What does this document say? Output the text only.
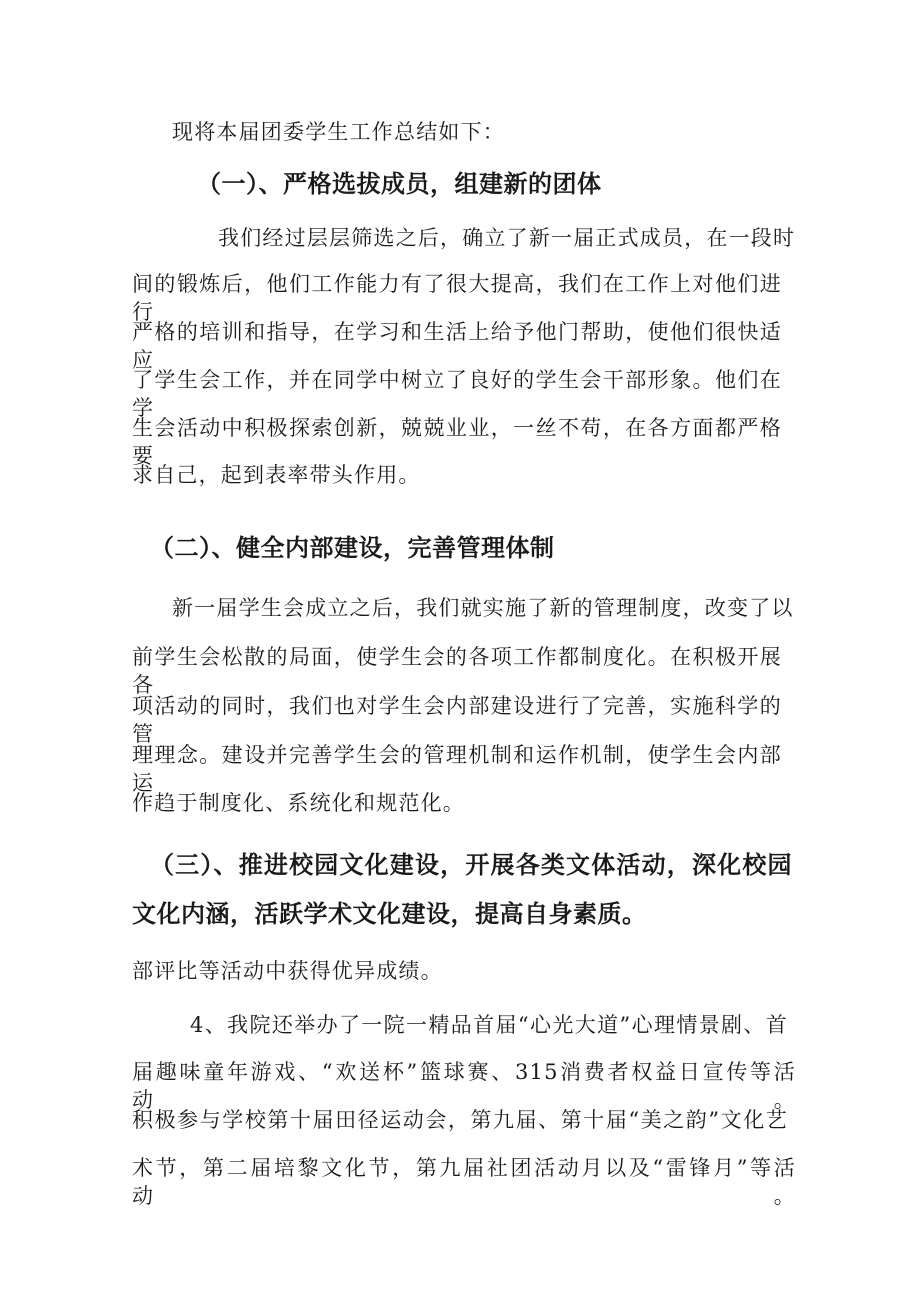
现将本届团委学生工作总结如下：
（一）、严格选拔成员，组建新的团体
我们经过层层筛选之后，确立了新一届正式成员，在一段时
间的锻炼后，他们工作能力有了很大提高，我们在工作上对他们进行
严格的培训和指导，在学习和生活上给予他门帮助，使他们很快适应
了学生会工作，并在同学中树立了良好的学生会干部形象。他们在学
生会活动中积极探索创新，兢兢业业，一丝不苟，在各方面都严格要
求自己，起到表率带头作用。
（二）、健全内部建设，完善管理体制
新一届学生会成立之后，我们就实施了新的管理制度，改变了以
前学生会松散的局面，使学生会的各项工作都制度化。在积极开展各
项活动的同时，我们也对学生会内部建设进行了完善，实施科学的管
理理念。建设并完善学生会的管理机制和运作机制，使学生会内部运
作趋于制度化、系统化和规范化。
（三）、推进校园文化建设，开展各类文体活动，深化校园
文化内涵，活跃学术文化建设，提高自身素质。
部评比等活动中获得优异成绩。
4、我院还举办了一院一精品首届“心光大道”心理情景剧、首
届趣味童年游戏、“欢送杯”篮球赛、315消费者权益日宣传等活动。
积极参与学校第十届田径运动会，第九届、第十届“美之韵”文化艺
术节，第二届培黎文化节，第九届社团活动月以及“雷锋月”等活动。
